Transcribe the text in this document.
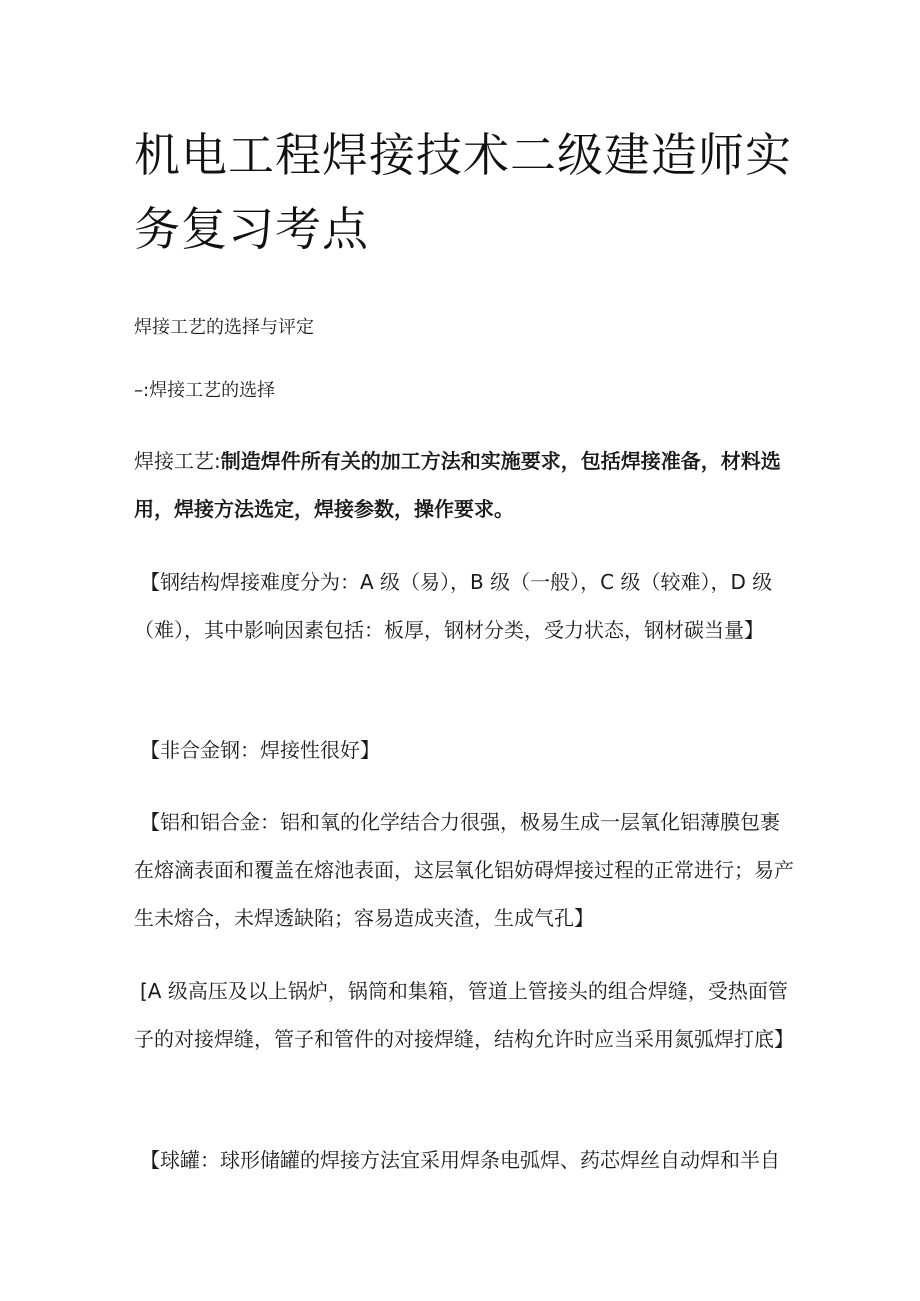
机电工程焊接技术二级建造师实务复习考点

焊接工艺的选择与评定

–:焊接工艺的选择

焊接工艺:制造焊件所有关的加工方法和实施要求，包括焊接准备，材料选用，焊接方法选定，焊接参数，操作要求。

【钢结构焊接难度分为：A 级（易），B 级（一般），C 级（较难），D 级（难），其中影响因素包括：板厚，钢材分类，受力状态，钢材碳当量】

【非合金钢：焊接性很好】

【铝和铝合金：铝和氧的化学结合力很强，极易生成一层氧化铝薄膜包裹在熔滴表面和覆盖在熔池表面，这层氧化铝妨碍焊接过程的正常进行；易产生未熔合，未焊透缺陷；容易造成夹渣，生成气孔】

[A 级高压及以上锅炉，锅筒和集箱，管道上管接头的组合焊缝，受热面管子的对接焊缝，管子和管件的对接焊缝，结构允许时应当采用氮弧焊打底】

【球罐：球形储罐的焊接方法宜采用焊条电弧焊、药芯焊丝自动焊和半自
